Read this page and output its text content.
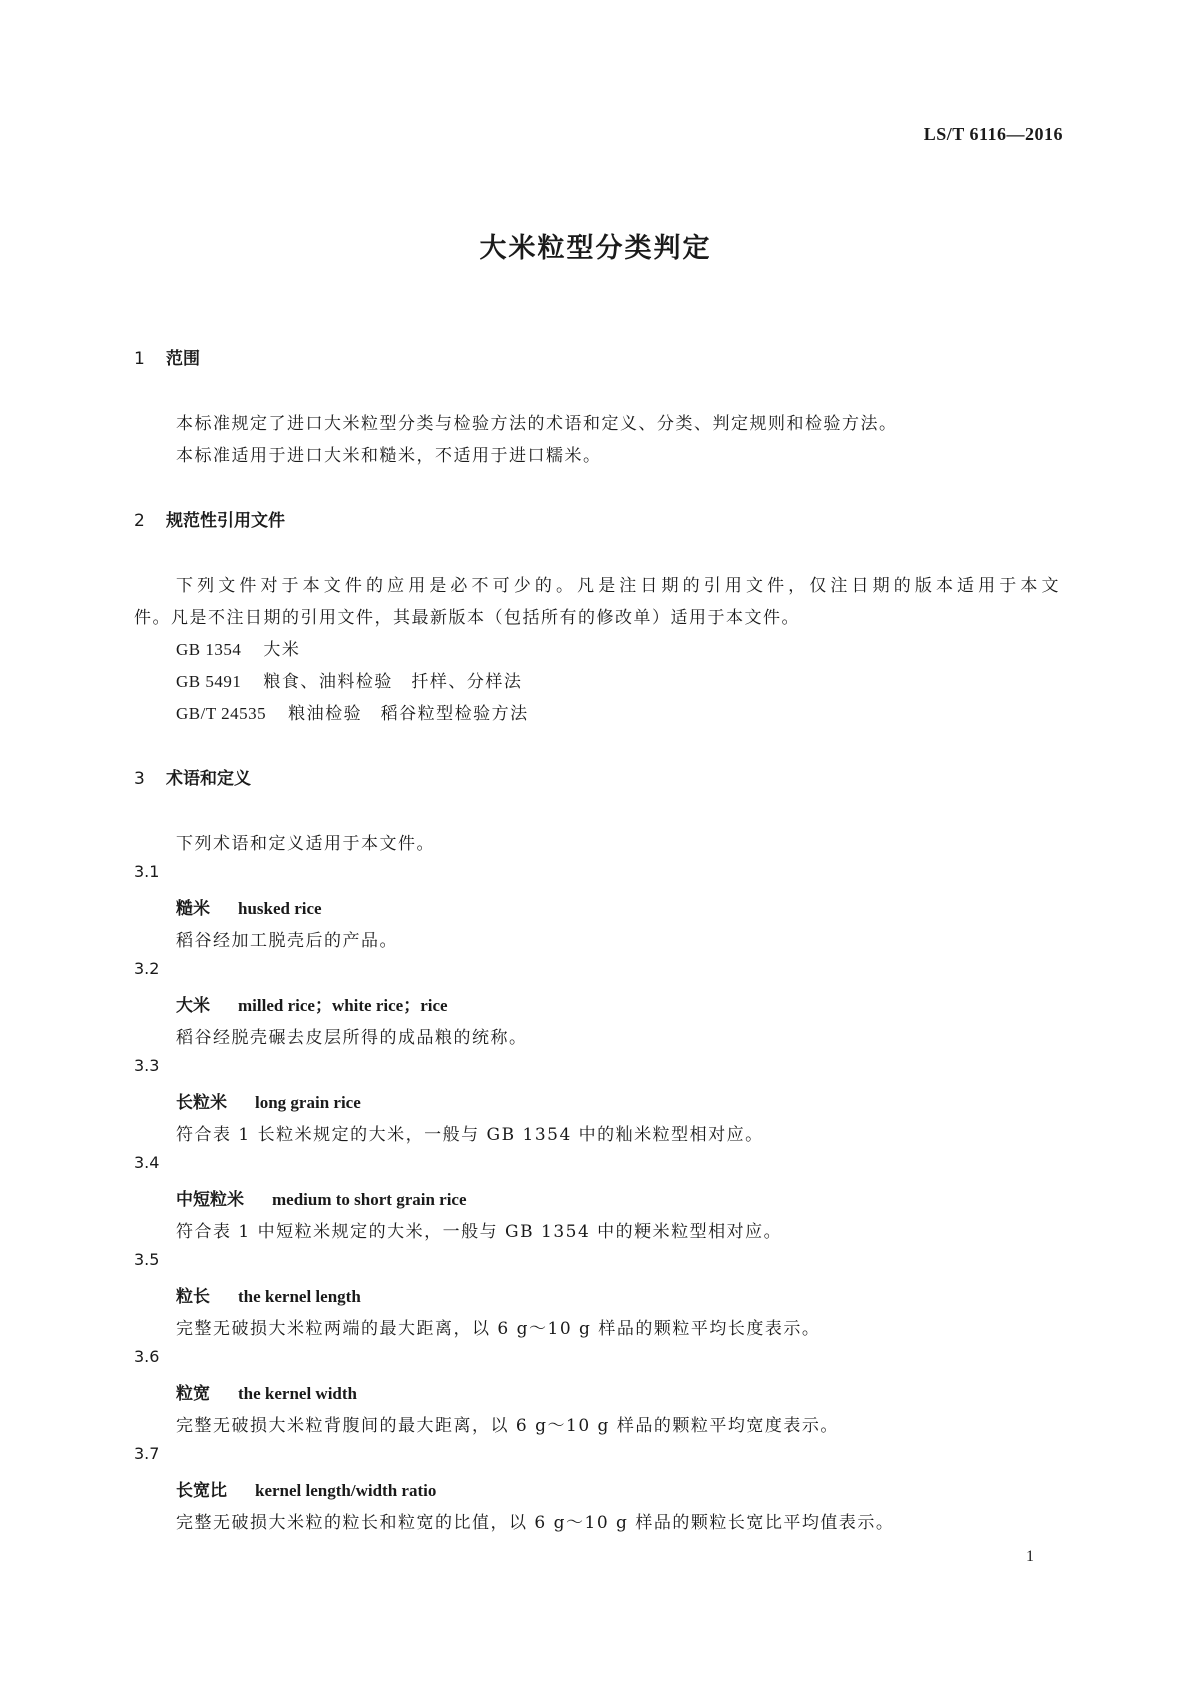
LS/T 6116—2016
大米粒型分类判定
1 范围
本标准规定了进口大米粒型分类与检验方法的术语和定义、分类、判定规则和检验方法。
本标准适用于进口大米和糙米，不适用于进口糯米。
2 规范性引用文件
下列文件对于本文件的应用是必不可少的。凡是注日期的引用文件，仅注日期的版本适用于本文
件。凡是不注日期的引用文件，其最新版本（包括所有的修改单）适用于本文件。
GB 1354 大米
GB 5491 粮食、油料检验　扦样、分样法
GB/T 24535 粮油检验　稻谷粒型检验方法
3 术语和定义
下列术语和定义适用于本文件。
3.1
糙米 husked rice
稻谷经加工脱壳后的产品。
3.2
大米 milled rice；white rice；rice
稻谷经脱壳碾去皮层所得的成品粮的统称。
3.3
长粒米 long grain rice
符合表 1 长粒米规定的大米，一般与 GB 1354 中的籼米粒型相对应。
3.4
中短粒米 medium to short grain rice
符合表 1 中短粒米规定的大米，一般与 GB 1354 中的粳米粒型相对应。
3.5
粒长 the kernel length
完整无破损大米粒两端的最大距离，以 6 g～10 g 样品的颗粒平均长度表示。
3.6
粒宽 the kernel width
完整无破损大米粒背腹间的最大距离，以 6 g～10 g 样品的颗粒平均宽度表示。
3.7
长宽比 kernel length/width ratio
完整无破损大米粒的粒长和粒宽的比值，以 6 g～10 g 样品的颗粒长宽比平均值表示。
1
